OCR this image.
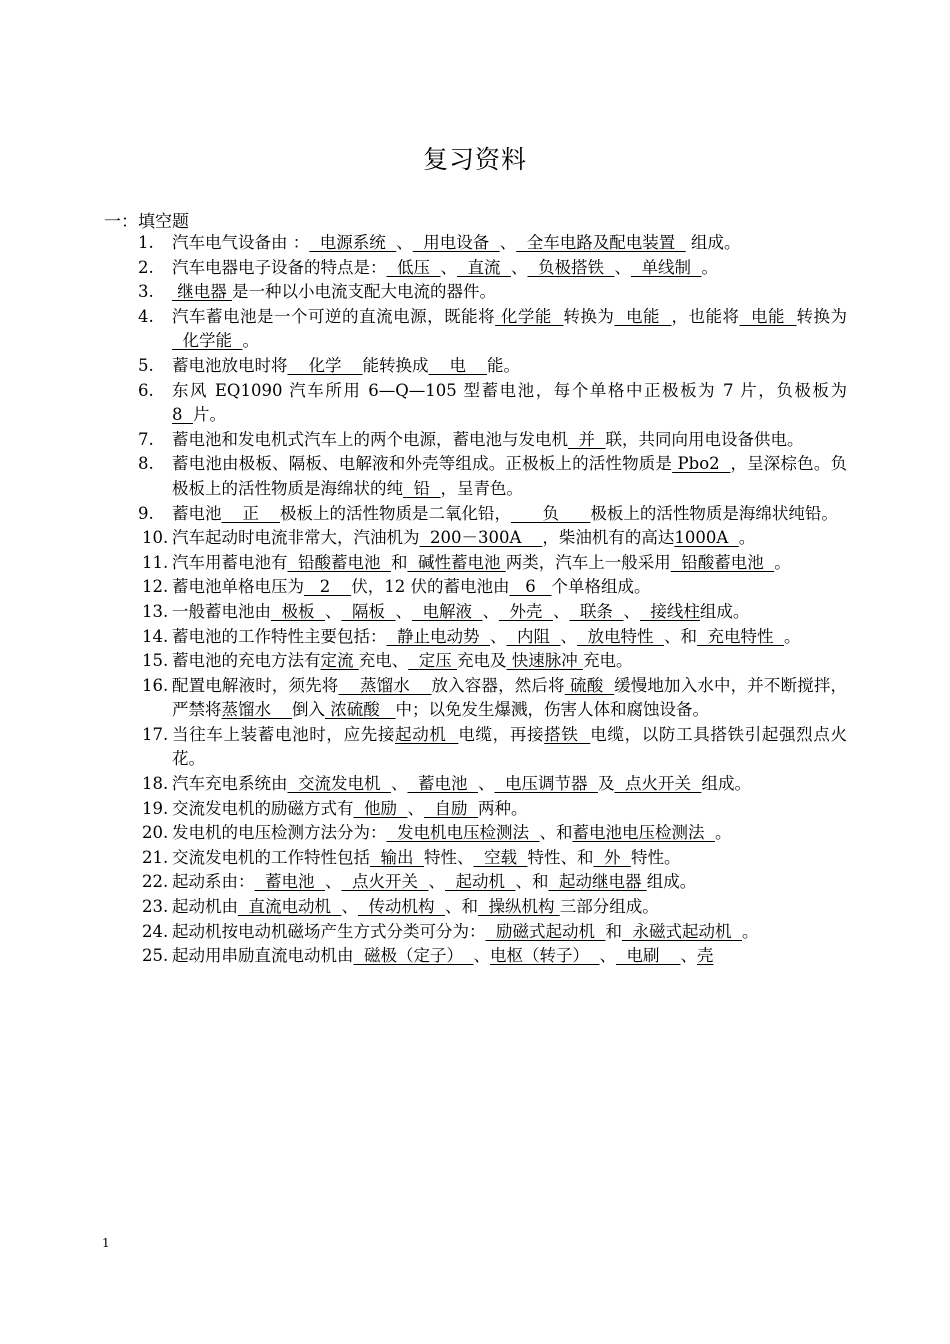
复习资料
一：填空题
1.	汽车电气设备由 ：  电源系统  、  用电设备  、  全车电路及配电装置   组成。
2.	汽车电器电子设备的特点是：  低压  、  直流  、  负极搭铁  、  单线制  。
3.	继电器 是一种以小电流支配大电流的器件。
4.	汽车蓄电池是一个可逆的直流电源，既能将 化学能  转换为  电能  ，也能将  电能  转换为  化学能  。
5.	蓄电池放电时将    化学    能转换成    电    能。
6.	东风 EQ1090 汽车所用 6—Q—105 型蓄电池，每个单格中正极板为 7 片，负极板为8  片。
7.	蓄电池和发电机式汽车上的两个电源，蓄电池与发电机  并  联，共同向用电设备供电。
8.	蓄电池由极板、隔板、电解液和外壳等组成。正极板上的活性物质是 Pbo2  ，呈深棕色。负极板上的活性物质是海绵状的纯  铅  ，呈青色。
9.	蓄电池    正    极板上的活性物质是二氧化铅，      负      极板上的活性物质是海绵状纯铅。
10. 汽车起动时电流非常大，汽油机为  200－300A    ，柴油机有的高达1000A  。
11. 汽车用蓄电池有  铅酸蓄电池  和  碱性蓄电池 两类，汽车上一般采用  铅酸蓄电池  。
12. 蓄电池单格电压为   2    伏，12 伏的蓄电池由   6   个单格组成。
13. 一般蓄电池由  极板  、  隔板  、  电解液  、  外壳  、  联条  、  接线柱组成。
14. 蓄电池的工作特性主要包括：  静止电动势  、  内阻  、  放电特性  、和  充电特性  。
15. 蓄电池的充电方法有定流 充电、  定压 充电及 快速脉冲 充电。
16. 配置电解液时，须先将    蒸馏水    放入容器，然后将 硫酸  缓慢地加入水中，并不断搅拌，严禁将蒸馏水    倒入 浓硫酸   中；以免发生爆溅，伤害人体和腐蚀设备。
17. 当往车上装蓄电池时，应先接起动机  电缆，再接搭铁  电缆，以防工具搭铁引起强烈点火花。
18. 汽车充电系统由  交流发电机  、  蓄电池  、  电压调节器  及  点火开关  组成。
19. 交流发电机的励磁方式有  他励  、  自励  两种。
20. 发电机的电压检测方法分为：  发电机电压检测法  、和蓄电池电压检测法  。
21. 交流发电机的工作特性包括  输出  特性、  空载  特性、和  外  特性。
22. 起动系由：  蓄电池  、  点火开关  、  起动机  、和  起动继电器 组成。
23. 起动机由  直流电动机  、  传动机构  、和  操纵机构 三部分组成。
24. 起动机按电动机磁场产生方式分类可分为：  励磁式起动机  和  永磁式起动机  。
25. 起动用串励直流电动机由  磁极（定子）  、电枢（转子）  、  电刷    、壳
1
